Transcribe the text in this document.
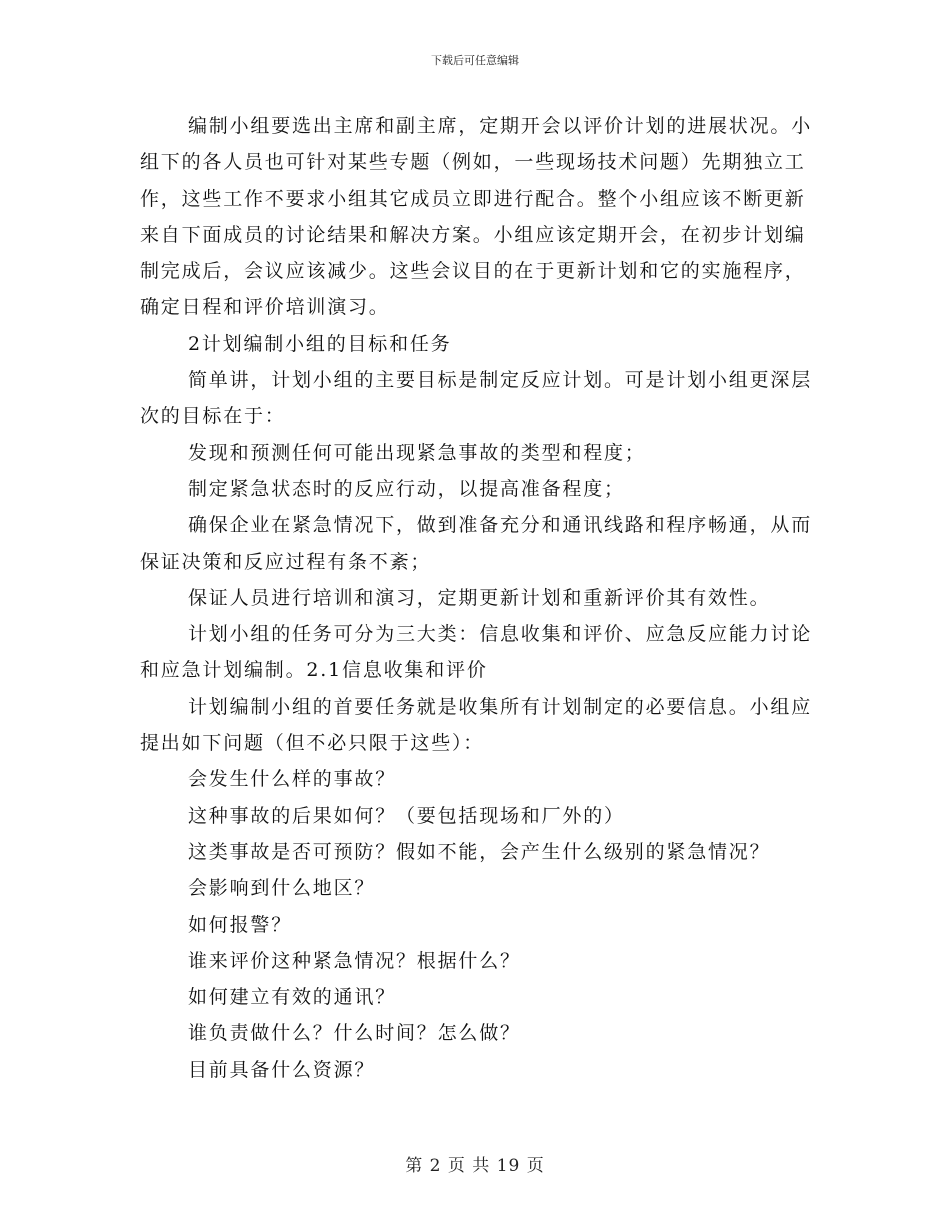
下载后可任意编辑

编制小组要选出主席和副主席，定期开会以评价计划的进展状况。小组下的各人员也可针对某些专题（例如，一些现场技术问题）先期独立工作，这些工作不要求小组其它成员立即进行配合。整个小组应该不断更新来自下面成员的讨论结果和解决方案。小组应该定期开会，在初步计划编制完成后，会议应该减少。这些会议目的在于更新计划和它的实施程序，确定日程和评价培训演习。

2计划编制小组的目标和任务

简单讲，计划小组的主要目标是制定反应计划。可是计划小组更深层次的目标在于：

发现和预测任何可能出现紧急事故的类型和程度；

制定紧急状态时的反应行动，以提高准备程度；

确保企业在紧急情况下，做到准备充分和通讯线路和程序畅通，从而保证决策和反应过程有条不紊；

保证人员进行培训和演习，定期更新计划和重新评价其有效性。

计划小组的任务可分为三大类：信息收集和评价、应急反应能力讨论和应急计划编制。2.1信息收集和评价

计划编制小组的首要任务就是收集所有计划制定的必要信息。小组应提出如下问题（但不必只限于这些）：

会发生什么样的事故？

这种事故的后果如何？（要包括现场和厂外的）

这类事故是否可预防？假如不能，会产生什么级别的紧急情况？

会影响到什么地区？

如何报警？

谁来评价这种紧急情况？根据什么？

如何建立有效的通讯？

谁负责做什么？什么时间？怎么做？

目前具备什么资源？

第 2 页 共 19 页
